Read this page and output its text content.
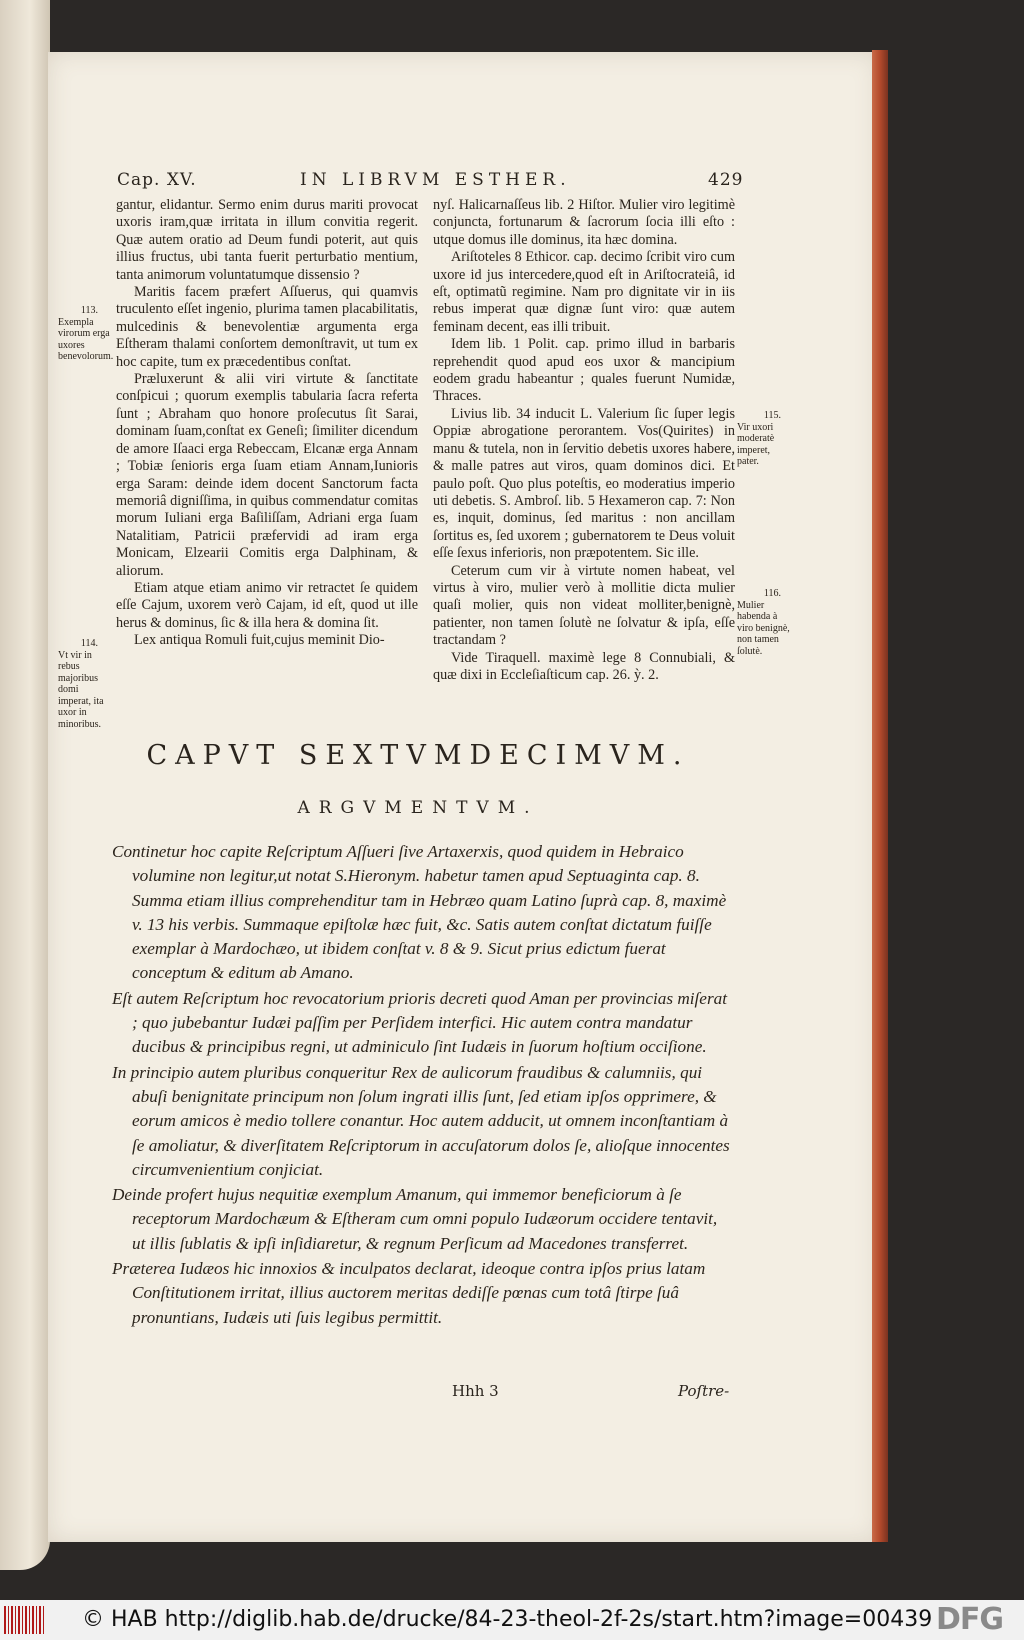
Cap. XV.	IN LIBRVM ESTHER.	429

gantur, elidantur. Sermo enim durus mariti provocat uxoris iram,quæ irritata in illum convitia regerit. Quæ autem oratio ad Deum fundi poterit, aut quis illius fructus, ubi tanta fuerit perturbatio mentium, tanta animorum voluntatumque dissensio ?

Maritis facem præfert Aſſuerus, qui quamvis truculento eſſet ingenio, plurima tamen placabilitatis, mulcedinis & benevolentiæ argumenta erga Eſtheram thalami conſortem demonſtravit, ut tum ex hoc capite, tum ex præcedentibus conſtat.

Præluxerunt & alii viri virtute & ſanctitate conſpicui ; quorum exemplis tabularia ſacra referta ſunt ; Abraham quo honore proſecutus ſit Sarai, dominam ſuam,conſtat ex Geneſi; ſimiliter dicendum de amore Iſaaci erga Rebeccam, Elcanæ erga Annam ; Tobiæ ſenioris erga ſuam etiam Annam,Iunioris erga Saram: deinde idem docent Sanctorum facta memoriâ digniſſima, in quibus commendatur comitas morum Iuliani erga Baſiliſſam, Adriani erga ſuam Natalitiam, Patricii præfervidi ad iram erga Monicam, Elzearii Comitis erga Dalphinam, & aliorum.

Etiam atque etiam animo vir retractet ſe quidem eſſe Cajum, uxorem verò Cajam, id eſt, quod ut ille herus & dominus, ſic & illa hera & domina ſit.

Lex antiqua Romuli fuit,cujus meminit Dio-

nyſ. Halicarnaſſeus lib. 2 Hiſtor. Mulier viro legitimè conjuncta, fortunarum & ſacrorum ſocia illi eſto : utque domus ille dominus, ita hæc domina.

Ariſtoteles 8 Ethicor. cap. decimo ſcribit viro cum uxore id jus intercedere,quod eſt in Ariſtocrateiâ, id eſt, optimatũ regimine. Nam pro dignitate vir in iis rebus imperat quæ dignæ ſunt viro: quæ autem feminam decent, eas illi tribuit.

Idem lib. 1 Polit. cap. primo illud in barbaris reprehendit quod apud eos uxor & mancipium eodem gradu habeantur ; quales fuerunt Numidæ, Thraces.

Livius lib. 34 inducit L. Valerium ſic ſuper legis Oppiæ abrogatione perorantem. Vos(Quirites) in manu & tutela, non in ſervitio debetis uxores habere, & malle patres aut viros, quam dominos dici. Et paulo poſt. Quo plus poteſtis, eo moderatius imperio uti debetis. S. Ambroſ. lib. 5 Hexameron cap. 7: Non es, inquit, dominus, ſed maritus : non ancillam ſortitus es, ſed uxorem ; gubernatorem te Deus voluit eſſe ſexus inferioris, non præpotentem. Sic ille.

Ceterum cum vir à virtute nomen habeat, vel virtus à viro, mulier verò à mollitie dicta mulier quaſi molier, quis non videat molliter,benignè, patienter, non tamen ſolutè ne ſolvatur & ipſa, eſſe tractandam ?

Vide Tiraquell. maximè lege 8 Connubiali, & quæ dixi in Eccleſiaſticum cap. 26. ỳ. 2.

113.
Exempla virorum erga uxores benevolorum.
114.
Vt vir in rebus majoribus domi imperat, ita uxor in minoribus.
115.
Vir uxori moderatè imperet, pater.
116.
Mulier habenda à viro benignè, non tamen ſolutè.
CAPVT SEXTVMDECIMVM.
ARGVMENTVM.

Continetur hoc capite Reſcriptum Aſſueri ſive Artaxerxis, quod quidem in Hebraico volumine non legitur,ut notat S.Hieronym. habetur tamen apud Septuaginta cap. 8. Summa etiam illius comprehenditur tam in Hebræo quam Latino ſuprà cap. 8, maximè v. 13 his verbis. Summaque epiſtolæ hæc fuit, &c. Satis autem conſtat dictatum fuiſſe exemplar à Mardochæo, ut ibidem conſtat v. 8 & 9. Sicut prius edictum fuerat conceptum & editum ab Amano.

Eſt autem Reſcriptum hoc revocatorium prioris decreti quod Aman per provincias miſerat ; quo jubebantur Iudæi paſſim per Perſidem interfici. Hic autem contra mandatur ducibus & principibus regni, ut adminiculo ſint Iudæis in ſuorum hoſtium occiſione.

In principio autem pluribus conqueritur Rex de aulicorum fraudibus & calumniis, qui abuſi benignitate principum non ſolum ingrati illis ſunt, ſed etiam ipſos opprimere, & eorum amicos è medio tollere conantur. Hoc autem adducit, ut omnem inconſtantiam à ſe amoliatur, & diverſitatem Reſcriptorum in accuſatorum dolos ſe, alioſque innocentes circumvenientium conjiciat.

Deinde profert hujus nequitiæ exemplum Amanum, qui immemor beneficiorum à ſe receptorum Mardochæum & Eſtheram cum omni populo Iudæorum occidere tentavit, ut illis ſublatis & ipſi inſidiaretur, & regnum Perſicum ad Macedones transferret.

Præterea Iudæos hic innoxios & inculpatos declarat, ideoque contra ipſos prius latam Conſtitutionem irritat, illius auctorem meritas dediſſe pœnas cum totâ ſtirpe ſuâ pronuntians, Iudæis uti ſuis legibus permittit.

Hhh 3	Poſtre-
© HAB http://diglib.hab.de/drucke/84-23-theol-2f-2s/start.htm?image=00439 DFG
